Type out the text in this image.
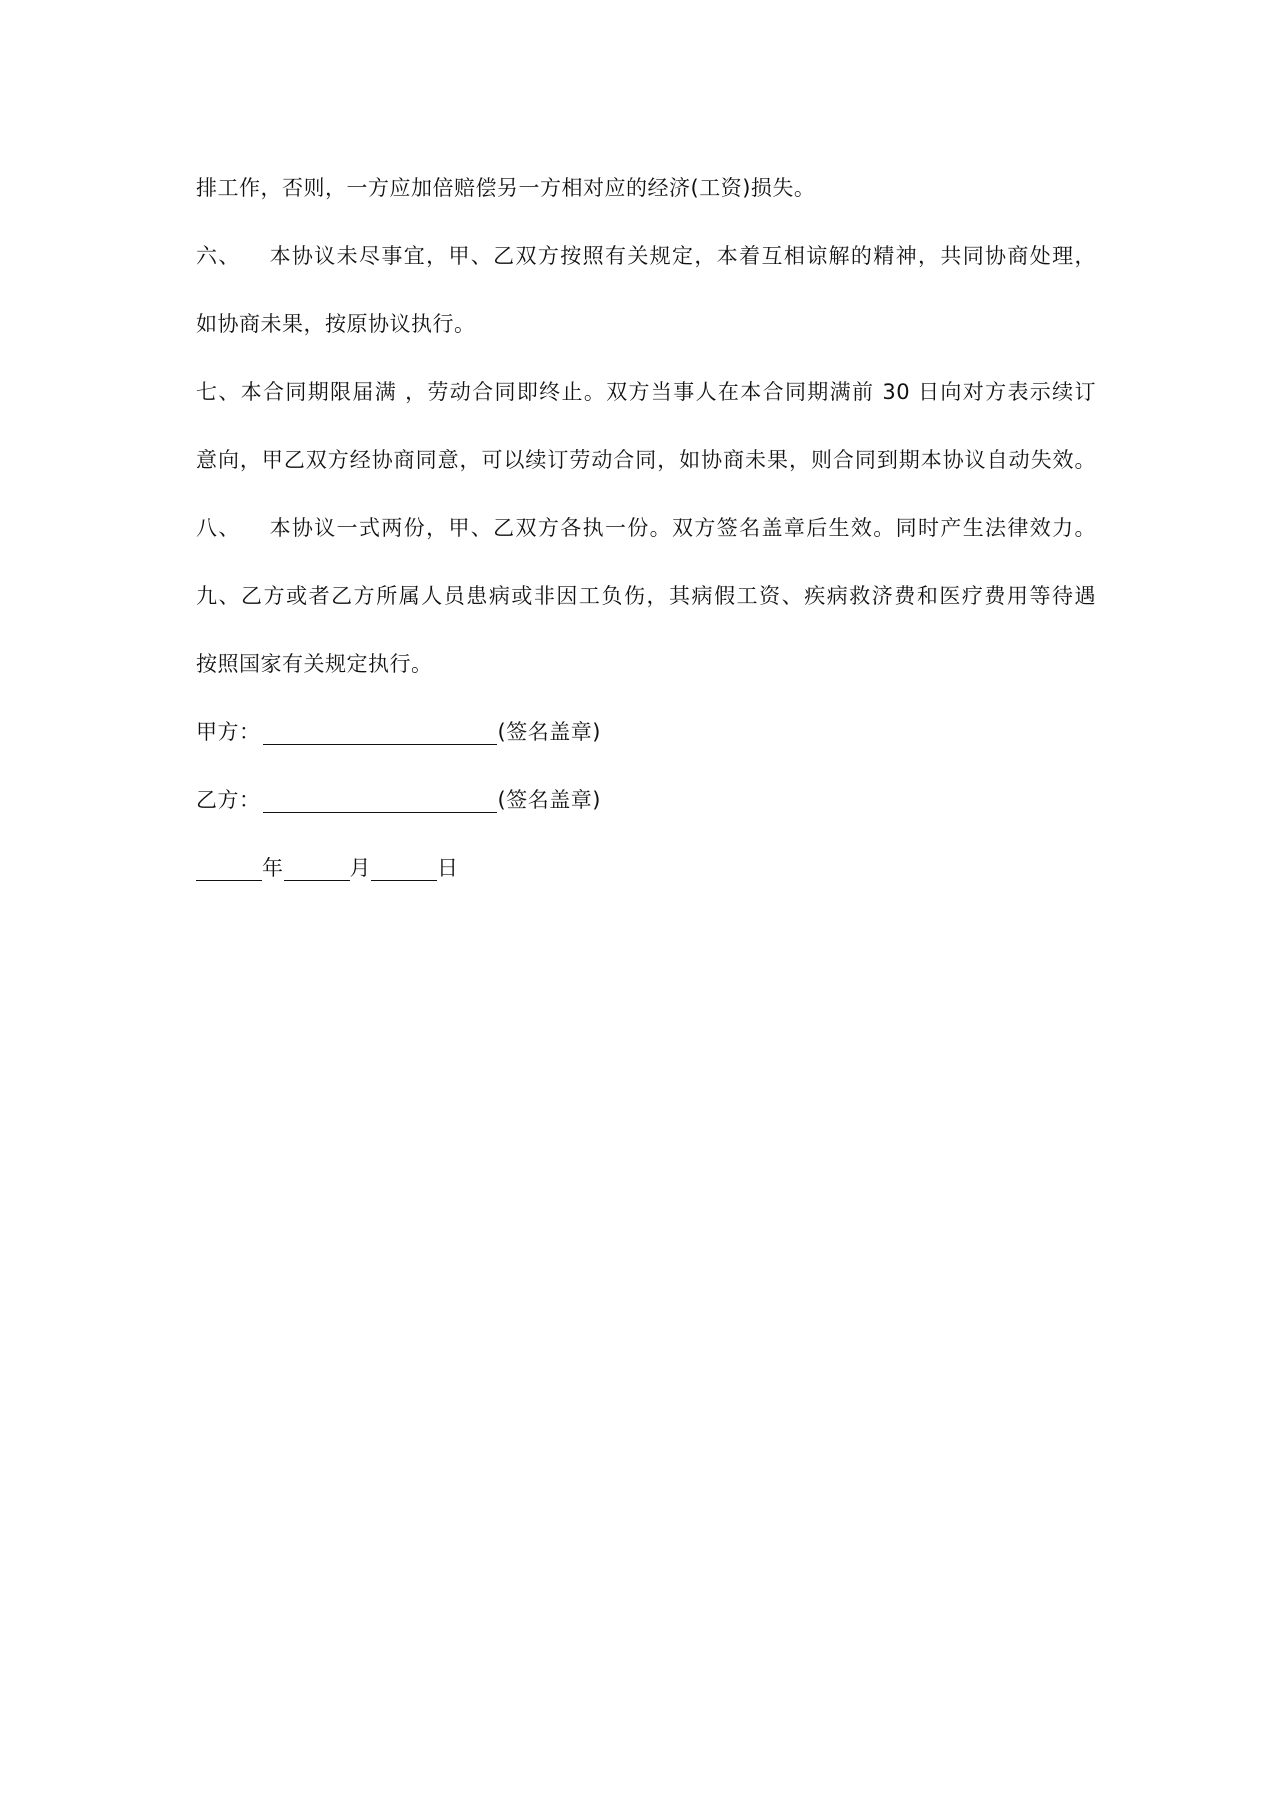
排工作，否则，一方应加倍赔偿另一方相对应的经济(工资)损失。
六、 本协议未尽事宜，甲、乙双方按照有关规定，本着互相谅解的精神，共同协商处理，
如协商未果，按原协议执行。
七、本合同期限届满 ，劳动合同即终止。双方当事人在本合同期满前 30 日向对方表示续订
意向，甲乙双方经协商同意，可以续订劳动合同，如协商未果，则合同到期本协议自动失效。
八、 本协议一式两份，甲、乙双方各执一份。双方签名盖章后生效。同时产生法律效力。
九、乙方或者乙方所属人员患病或非因工负伤，其病假工资、疾病救济费和医疗费用等待遇
按照国家有关规定执行。
甲方：	(签名盖章)
乙方：	(签名盖章)
年	月	日
